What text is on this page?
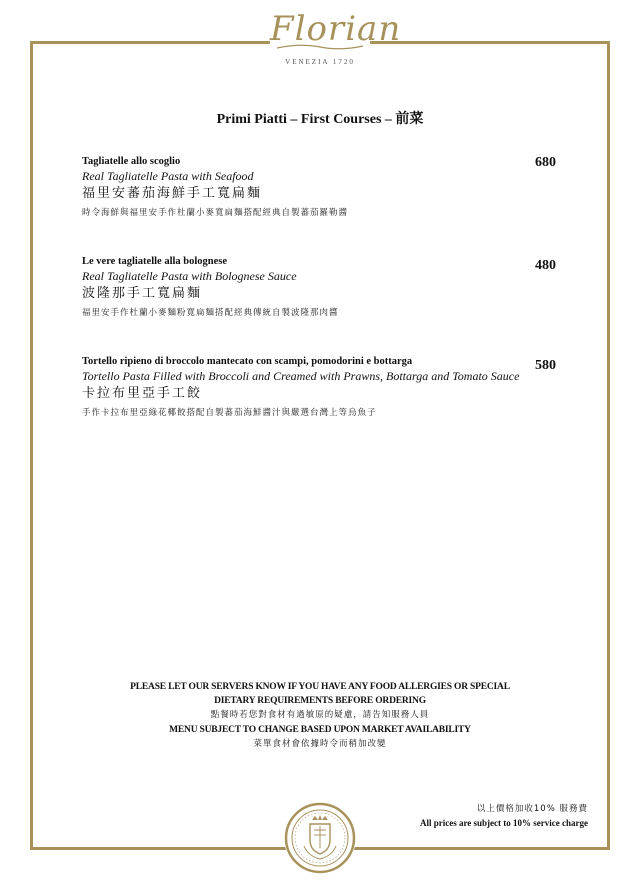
Florian
VENEZIA 1720
Primi Piatti – First Courses – 前菜
Tagliatelle allo scoglio
Real Tagliatelle Pasta with Seafood
福里安蕃茄海鮮手工寬扁麵
時令海鮮與福里安手作杜蘭小麥寬扁麵搭配經典自製蕃茄羅勒醬
680
Le vere tagliatelle alla bolognese
Real Tagliatelle Pasta with Bolognese Sauce
波隆那手工寬扁麵
福里安手作杜蘭小麥麵粉寬扁麵搭配經典傳統自製波隆那肉醬
480
Tortello ripieno di broccolo mantecato con scampi, pomodorini e bottarga
Tortello Pasta Filled with Broccoli and Creamed with Prawns, Bottarga and Tomato Sauce
卡拉布里亞手工餃
手作卡拉布里亞綠花椰餃搭配自製蕃茄海鮮醬汁與嚴選台灣上等烏魚子
580
PLEASE LET OUR SERVERS KNOW IF YOU HAVE ANY FOOD ALLERGIES OR SPECIAL
DIETARY REQUIREMENTS BEFORE ORDERING
點餐時若您對食材有過敏原的疑慮，請告知服務人員
MENU SUBJECT TO CHANGE BASED UPON MARKET AVAILABILITY
菜單食材會依據時令而稍加改變
以上價格加收10% 服務費
All prices are subject to 10% service charge
